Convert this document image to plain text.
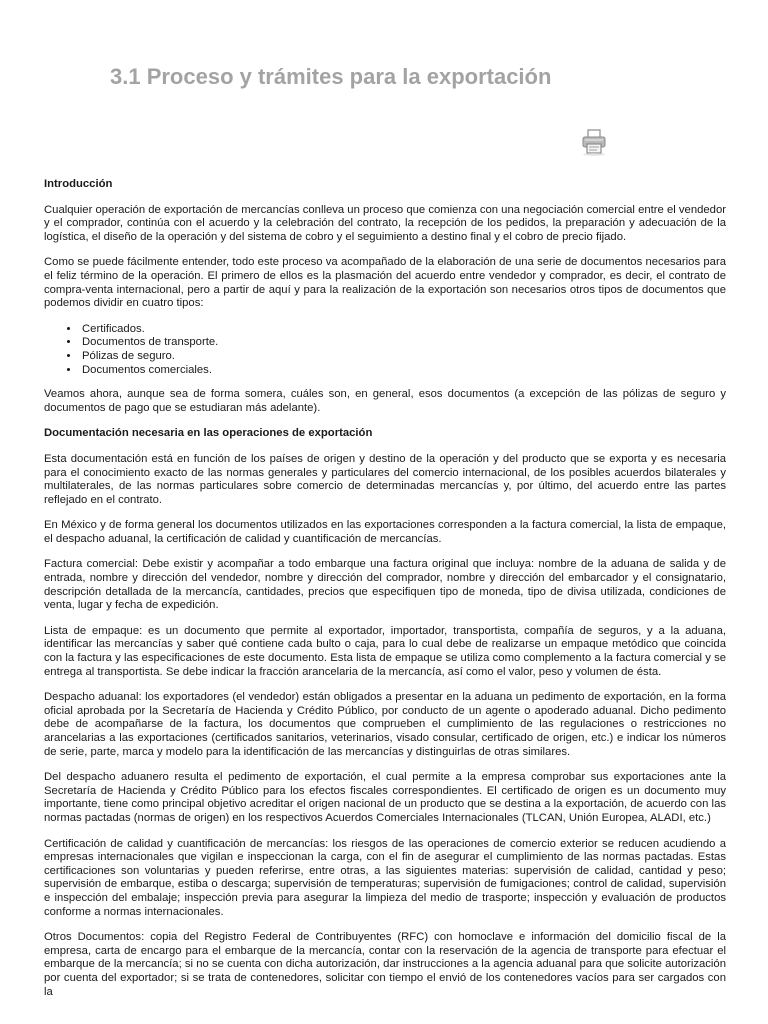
3.1 Proceso y trámites para la exportación
Introducción

Cualquier operación de exportación de mercancías conlleva un proceso que comienza con una negociación comercial entre el vendedor y el comprador, continúa con el acuerdo y la celebración del contrato, la recepción de los pedidos, la preparación y adecuación de la logística, el diseño de la operación y del sistema de cobro y el seguimiento a destino final y el cobro de precio fijado.

Como se puede fácilmente entender, todo este proceso va acompañado de la elaboración de una serie de documentos necesarios para el feliz término de la operación. El primero de ellos es la plasmación del acuerdo entre vendedor y comprador, es decir, el contrato de compra-venta internacional, pero a partir de aquí y para la realización de la exportación son necesarios otros tipos de documentos que podemos dividir en cuatro tipos:

• Certificados.
• Documentos de transporte.
• Pólizas de seguro.
• Documentos comerciales.

Veamos ahora, aunque sea de forma somera, cuáles son, en general, esos documentos (a excepción de las pólizas de seguro y documentos de pago que se estudiaran más adelante).

Documentación necesaria en las operaciones de exportación

Esta documentación está en función de los países de origen y destino de la operación y del producto que se exporta y es necesaria para el conocimiento exacto de las normas generales y particulares del comercio internacional, de los posibles acuerdos bilaterales y multilaterales, de las normas particulares sobre comercio de determinadas mercancías y, por último, del acuerdo entre las partes reflejado en el contrato.

En México y de forma general los documentos utilizados en las exportaciones corresponden a la factura comercial, la lista de empaque, el despacho aduanal, la certificación de calidad y cuantificación de mercancías.

Factura comercial: Debe existir y acompañar a todo embarque una factura original que incluya: nombre de la aduana de salida y de entrada, nombre y dirección del vendedor, nombre y dirección del comprador, nombre y dirección del embarcador y el consignatario, descripción detallada de la mercancía, cantidades, precios que especifiquen tipo de moneda, tipo de divisa utilizada, condiciones de venta, lugar y fecha de expedición.

Lista de empaque: es un documento que permite al exportador, importador, transportista, compañía de seguros, y a la aduana, identificar las mercancías y saber qué contiene cada bulto o caja, para lo cual debe de realizarse un empaque metódico que coincida con la factura y las especificaciones de este documento. Esta lista de empaque se utiliza como complemento a la factura comercial y se entrega al transportista. Se debe indicar la fracción arancelaria de la mercancía, así como el valor, peso y volumen de ésta.

Despacho aduanal: los exportadores (el vendedor) están obligados a presentar en la aduana un pedimento de exportación, en la forma oficial aprobada por la Secretaría de Hacienda y Crédito Público, por conducto de un agente o apoderado aduanal. Dicho pedimento debe de acompañarse de la factura, los documentos que comprueben el cumplimiento de las regulaciones o restricciones no arancelarias a las exportaciones (certificados sanitarios, veterinarios, visado consular, certificado de origen, etc.) e indicar los números de serie, parte, marca y modelo para la identificación de las mercancías y distinguirlas de otras similares.

Del despacho aduanero resulta el pedimento de exportación, el cual permite a la empresa comprobar sus exportaciones ante la Secretaría de Hacienda y Crédito Público para los efectos fiscales correspondientes. El certificado de origen es un documento muy importante, tiene como principal objetivo acreditar el origen nacional de un producto que se destina a la exportación, de acuerdo con las normas pactadas (normas de origen) en los respectivos Acuerdos Comerciales Internacionales (TLCAN, Unión Europea, ALADI, etc.)

Certificación de calidad y cuantificación de mercancías: los riesgos de las operaciones de comercio exterior se reducen acudiendo a empresas internacionales que vigilan e inspeccionan la carga, con el fin de asegurar el cumplimiento de las normas pactadas. Estas certificaciones son voluntarias y pueden referirse, entre otras, a las siguientes materias: supervisión de calidad, cantidad y peso; supervisión de embarque, estiba o descarga; supervisión de temperaturas; supervisión de fumigaciones; control de calidad, supervisión e inspección del embalaje; inspección previa para asegurar la limpieza del medio de trasporte; inspección y evaluación de productos conforme a normas internacionales.

Otros Documentos: copia del Registro Federal de Contribuyentes (RFC) con homoclave e información del domicilio fiscal de la empresa, carta de encargo para el embarque de la mercancía, contar con la reservación de la agencia de transporte para efectuar el embarque de la mercancía; si no se cuenta con dicha autorización, dar instrucciones a la agencia aduanal para que solicite autorización por cuenta del exportador; si se trata de contenedores, solicitar con tiempo el envió de los contenedores vacíos para ser cargados con la
